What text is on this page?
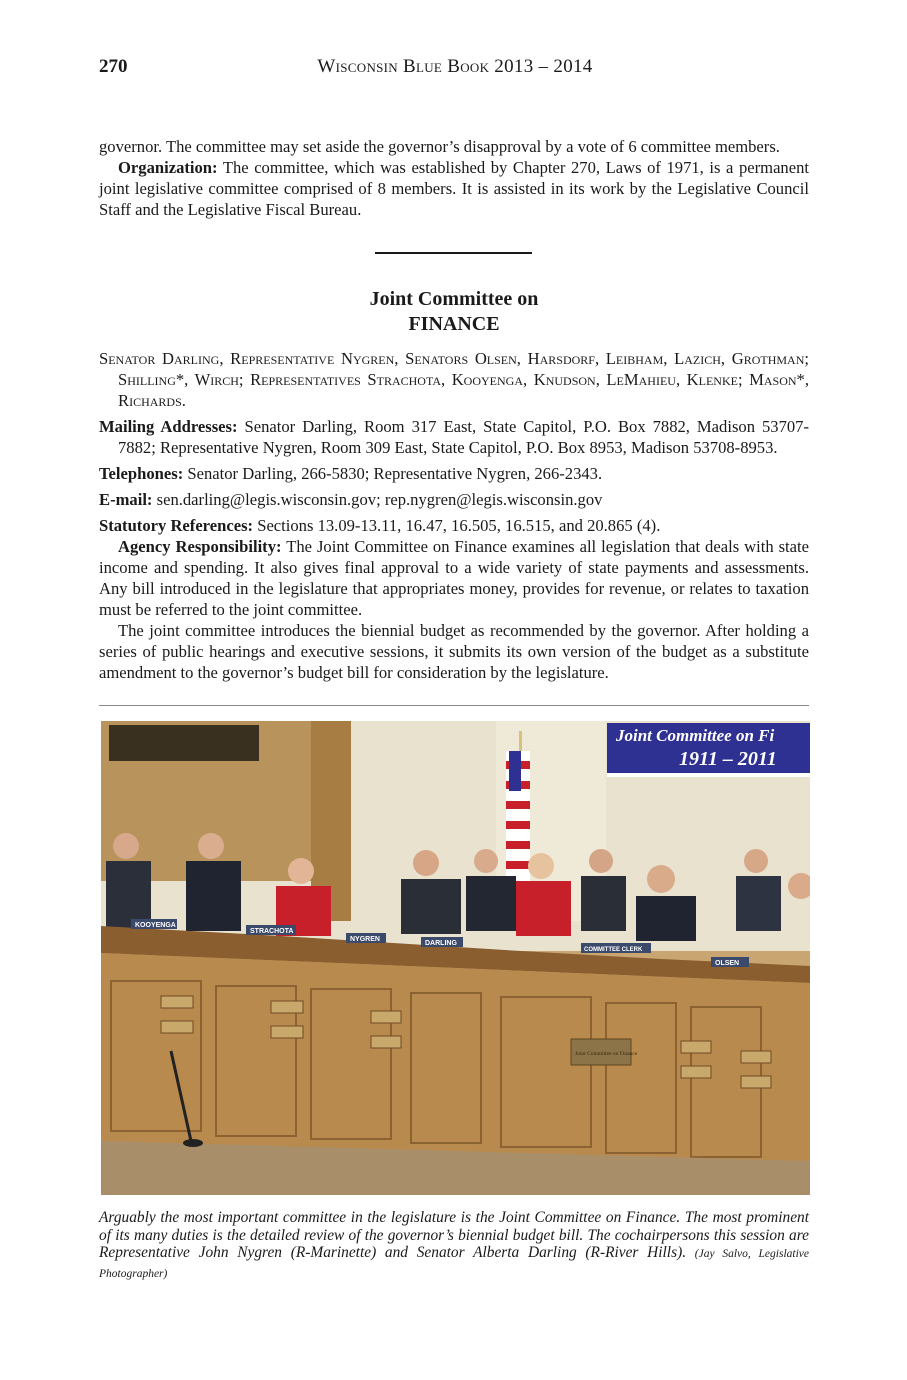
270	Wisconsin Blue Book 2013 – 2014

governor. The committee may set aside the governor’s disapproval by a vote of 6 committee members.

Organization: The committee, which was established by Chapter 270, Laws of 1971, is a permanent joint legislative committee comprised of 8 members. It is assisted in its work by the Legislative Council Staff and the Legislative Fiscal Bureau.

Joint Committee on
FINANCE

Senator Darling, Representative Nygren, Senators Olsen, Harsdorf, Leibham, Lazich, Grothman; Shilling*, Wirch; Representatives Strachota, Kooyenga, Knudson, LeMahieu, Klenke; Mason*, Richards.

Mailing Addresses: Senator Darling, Room 317 East, State Capitol, P.O. Box 7882, Madison 53707-7882; Representative Nygren, Room 309 East, State Capitol, P.O. Box 8953, Madison 53708-8953.

Telephones: Senator Darling, 266-5830; Representative Nygren, 266-2343.

E-mail: sen.darling@legis.wisconsin.gov; rep.nygren@legis.wisconsin.gov

Statutory References: Sections 13.09-13.11, 16.47, 16.505, 16.515, and 20.865 (4).

Agency Responsibility: The Joint Committee on Finance examines all legislation that deals with state income and spending. It also gives final approval to a wide variety of state payments and assessments. Any bill introduced in the legislature that appropriates money, provides for revenue, or relates to taxation must be referred to the joint committee.

The joint committee introduces the biennial budget as recommended by the governor. After holding a series of public hearings and executive sessions, it submits its own version of the budget as a substitute amendment to the governor’s budget bill for consideration by the legislature.

Joint Committee on Fi
1911 – 2011
KOOYENGA
STRACHOTA
NYGREN
DARLING
COMMITTEE CLERK
OLSEN
Joint Committee on Finance
Arguably the most important committee in the legislature is the Joint Committee on Finance. The most prominent of its many duties is the detailed review of the governor’s biennial budget bill. The cochairpersons this session are Representative John Nygren (R-Marinette) and Senator Alberta Darling (R-River Hills). (Jay Salvo, Legislative Photographer)
